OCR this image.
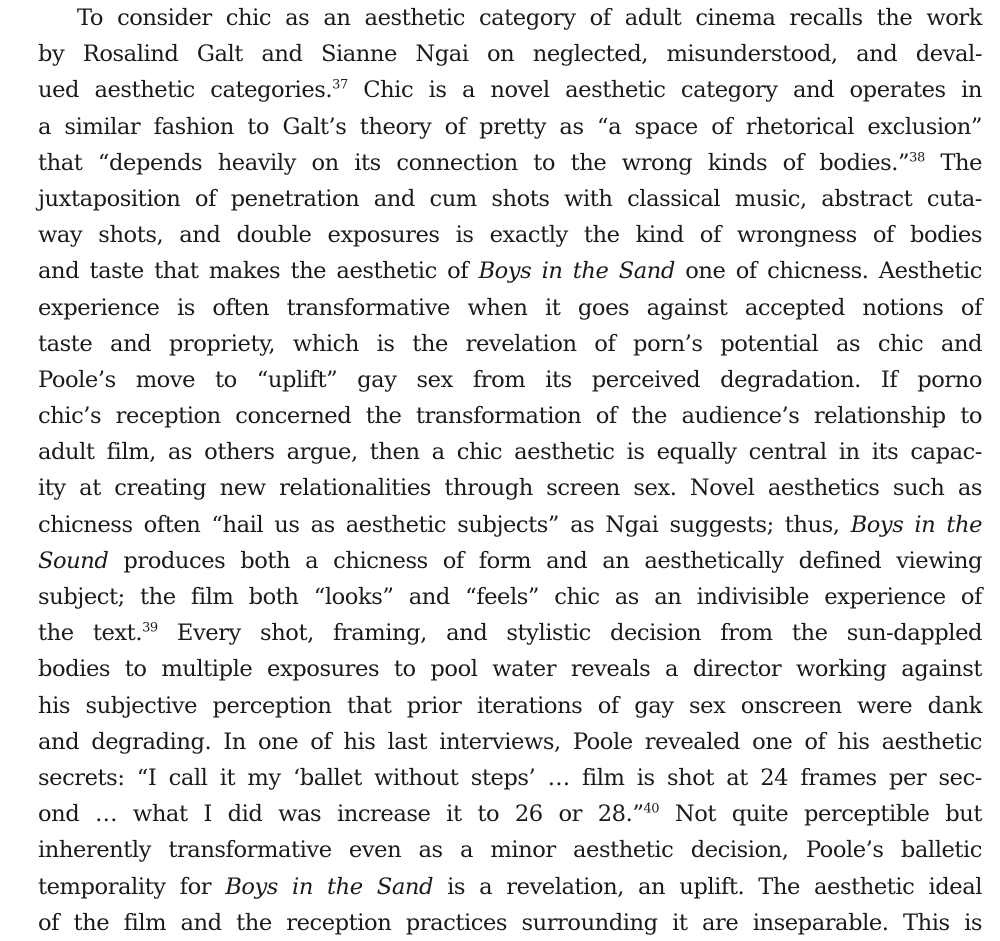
To consider chic as an aesthetic category of adult cinema recalls the work
by Rosalind Galt and Sianne Ngai on neglected, misunderstood, and deval-
ued aesthetic categories.$^{37}$ Chic is a novel aesthetic category and operates in
a similar fashion to Galt’s theory of pretty as “a space of rhetorical exclusion”
that “depends heavily on its connection to the wrong kinds of bodies.”$^{38}$ The
juxtaposition of penetration and cum shots with classical music, abstract cuta-
way shots, and double exposures is exactly the kind of wrongness of bodies
and taste that makes the aesthetic of Boys in the Sand one of chicness. Aesthetic
experience is often transformative when it goes against accepted notions of
taste and propriety, which is the revelation of porn’s potential as chic and
Poole’s move to “uplift” gay sex from its perceived degradation. If porno
chic’s reception concerned the transformation of the audience’s relationship to
adult film, as others argue, then a chic aesthetic is equally central in its capac-
ity at creating new relationalities through screen sex. Novel aesthetics such as
chicness often “hail us as aesthetic subjects” as Ngai suggests; thus, Boys in the
Sound produces both a chicness of form and an aesthetically defined viewing
subject; the film both “looks” and “feels” chic as an indivisible experience of
the text.$^{39}$ Every shot, framing, and stylistic decision from the sun-dappled
bodies to multiple exposures to pool water reveals a director working against
his subjective perception that prior iterations of gay sex onscreen were dank
and degrading. In one of his last interviews, Poole revealed one of his aesthetic
secrets: “I call it my ‘ballet without steps’ … film is shot at 24 frames per sec-
ond … what I did was increase it to 26 or 28.”$^{40}$ Not quite perceptible but
inherently transformative even as a minor aesthetic decision, Poole’s balletic
temporality for Boys in the Sand is a revelation, an uplift. The aesthetic ideal
of the film and the reception practices surrounding it are inseparable. This is
